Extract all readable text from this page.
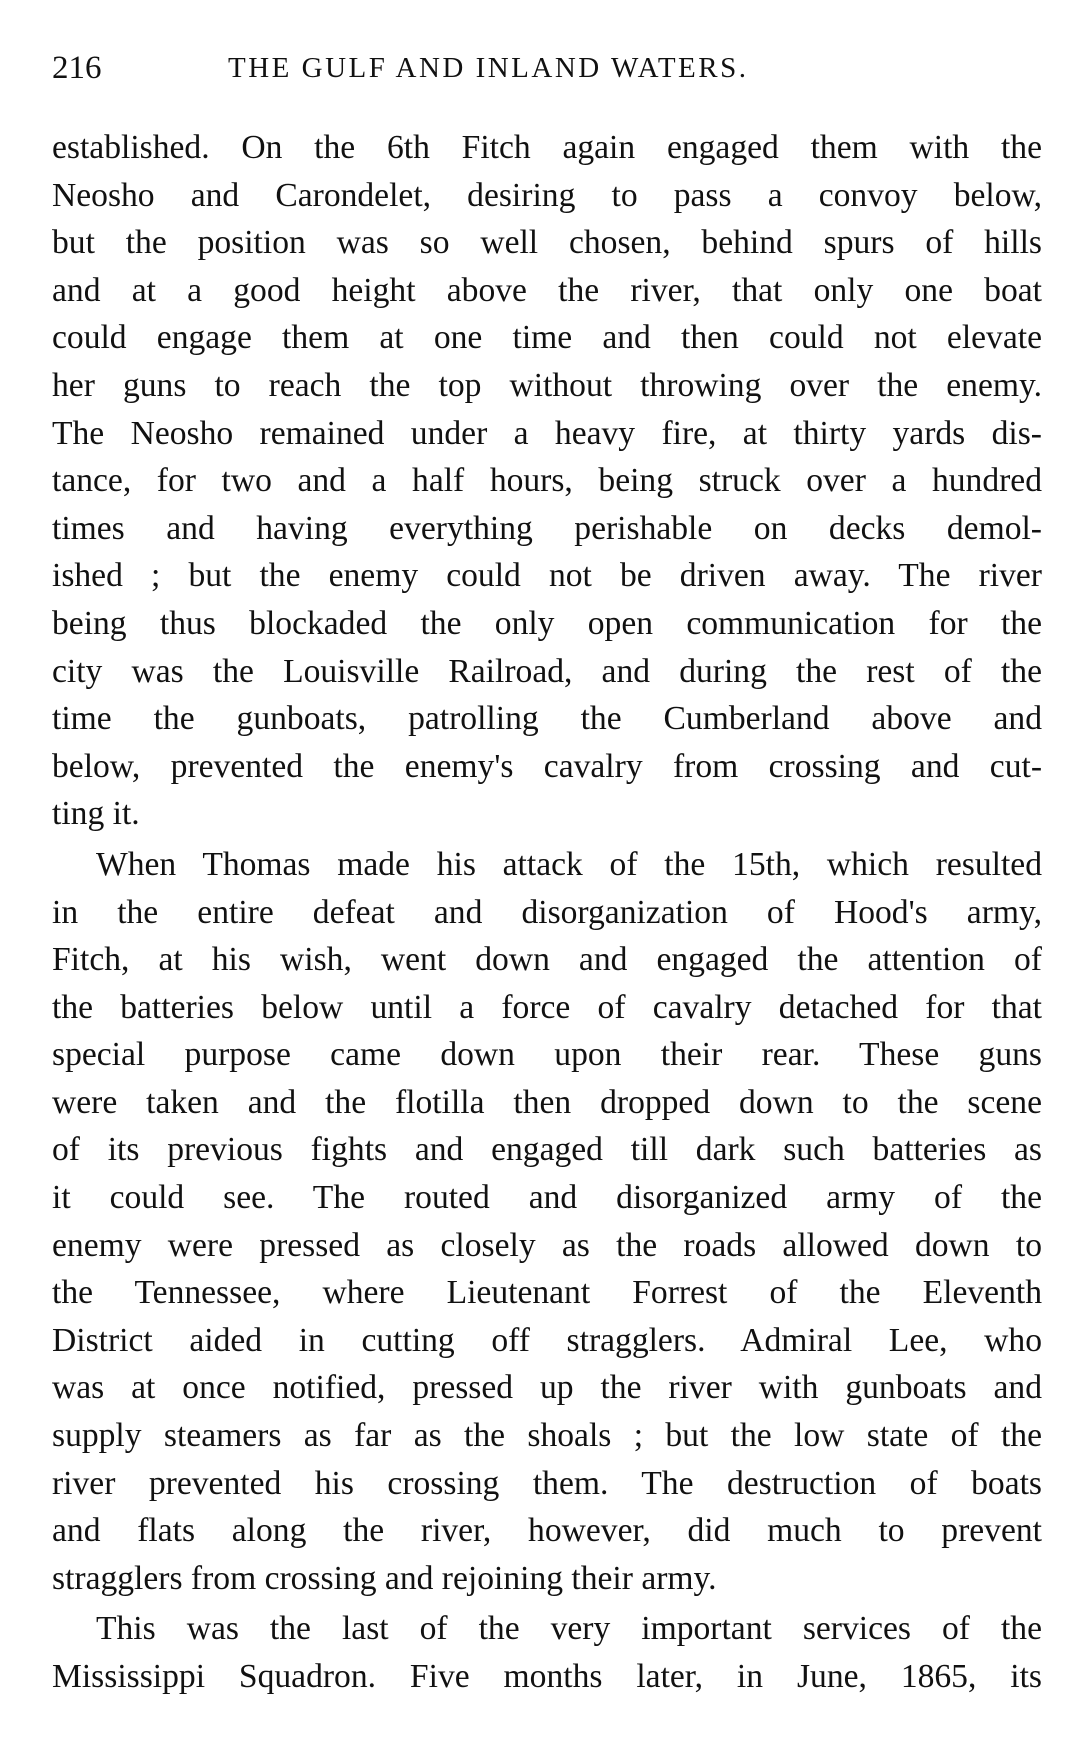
216	THE GULF AND INLAND WATERS.
established. On the 6th Fitch again engaged them with the
Neosho and Carondelet, desiring to pass a convoy below,
but the position was so well chosen, behind spurs of hills
and at a good height above the river, that only one boat
could engage them at one time and then could not elevate
her guns to reach the top without throwing over the enemy.
The Neosho remained under a heavy fire, at thirty yards dis-
tance, for two and a half hours, being struck over a hundred
times and having everything perishable on decks demol-
ished ; but the enemy could not be driven away. The river
being thus blockaded the only open communication for the
city was the Louisville Railroad, and during the rest of the
time the gunboats, patrolling the Cumberland above and
below, prevented the enemy's cavalry from crossing and cut-
ting it.
When Thomas made his attack of the 15th, which resulted
in the entire defeat and disorganization of Hood's army,
Fitch, at his wish, went down and engaged the attention of
the batteries below until a force of cavalry detached for that
special purpose came down upon their rear. These guns
were taken and the flotilla then dropped down to the scene
of its previous fights and engaged till dark such batteries as
it could see. The routed and disorganized army of the
enemy were pressed as closely as the roads allowed down to
the Tennessee, where Lieutenant Forrest of the Eleventh
District aided in cutting off stragglers. Admiral Lee, who
was at once notified, pressed up the river with gunboats and
supply steamers as far as the shoals ; but the low state of the
river prevented his crossing them. The destruction of boats
and flats along the river, however, did much to prevent
stragglers from crossing and rejoining their army.
This was the last of the very important services of the
Mississippi Squadron. Five months later, in June, 1865, its
